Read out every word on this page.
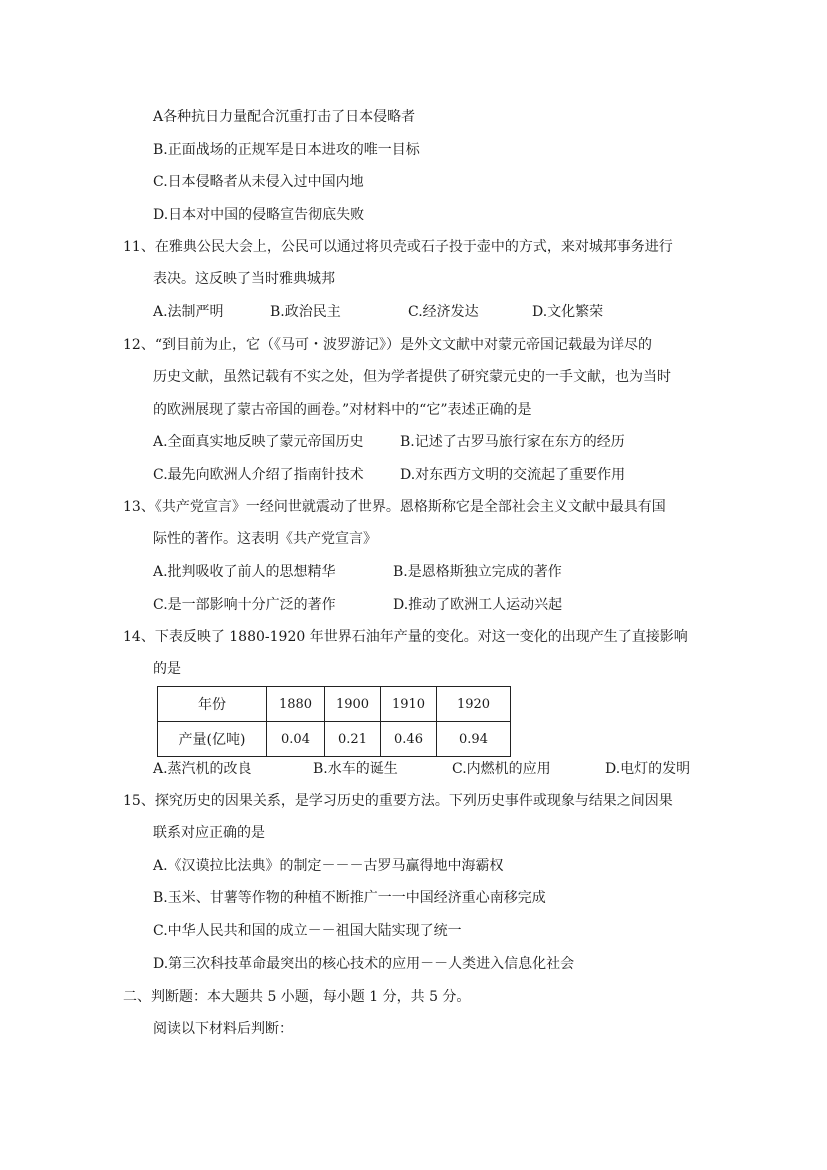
A各种抗日力量配合沉重打击了日本侵略者
B.正面战场的正规军是日本进攻的唯一目标
C.日本侵略者从未侵入过中国内地
D.日本对中国的侵略宣告彻底失败
11、在雅典公民大会上，公民可以通过将贝壳或石子投于壶中的方式，来对城邦事务进行
表决。这反映了当时雅典城邦
A.法制严明	B.政治民主	C.经济发达	D.文化繁荣
12、“到目前为止，它（《马可・波罗游记》）是外文文献中对蒙元帝国记载最为详尽的
历史文献，虽然记载有不实之处，但为学者提供了研究蒙元史的一手文献，也为当时
的欧洲展现了蒙古帝国的画卷。”对材料中的“它”表述正确的是
A.全面真实地反映了蒙元帝国历史	B.记述了古罗马旅行家在东方的经历
C.最先向欧洲人介绍了指南针技术	D.对东西方文明的交流起了重要作用
13、《共产党宣言》一经问世就震动了世界。恩格斯称它是全部社会主义文献中最具有国
际性的著作。这表明《共产党宣言》
A.批判吸收了前人的思想精华	B.是恩格斯独立完成的著作
C.是一部影响十分广泛的著作	D.推动了欧洲工人运动兴起
14、下表反映了 1880-1920 年世界石油年产量的变化。对这一变化的出现产生了直接影响
的是
年份	1880	1900	1910	1920
产量(亿吨)	0.04	0.21	0.46	0.94
A.蒸汽机的改良	B.水车的诞生	C.内燃机的应用	D.电灯的发明
15、探究历史的因果关系，是学习历史的重要方法。下列历史事件或现象与结果之间因果
联系对应正确的是
A.《汉谟拉比法典》的制定－－－古罗马赢得地中海霸权
B.玉米、甘薯等作物的种植不断推广一一中国经济重心南移完成
C.中华人民共和国的成立－－祖国大陆实现了统一
D.第三次科技革命最突出的核心技术的应用－－人类进入信息化社会
二、判断题：本大题共 5 小题，每小题 1 分，共 5 分。
阅读以下材料后判断：
